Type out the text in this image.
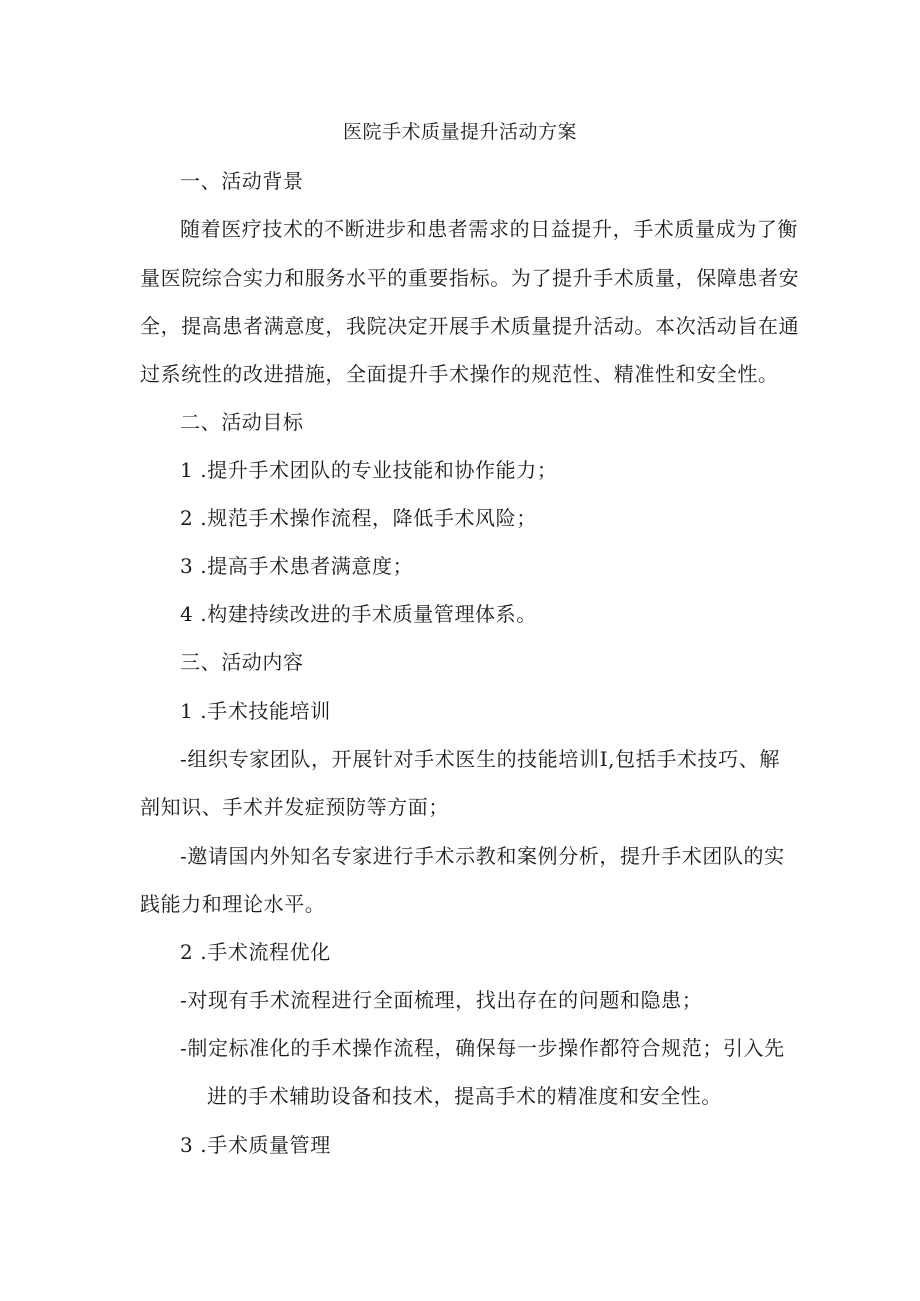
医院手术质量提升活动方案
一、活动背景
随着医疗技术的不断进步和患者需求的日益提升，手术质量成为了衡
量医院综合实力和服务水平的重要指标。为了提升手术质量，保障患者安
全，提高患者满意度，我院决定开展手术质量提升活动。本次活动旨在通
过系统性的改进措施，全面提升手术操作的规范性、精准性和安全性。
二、活动目标
1 .提升手术团队的专业技能和协作能力；
2 .规范手术操作流程，降低手术风险；
3 .提高手术患者满意度；
4 .构建持续改进的手术质量管理体系。
三、活动内容
1 .手术技能培训
-组织专家团队，开展针对手术医生的技能培训I,包括手术技巧、解
剖知识、手术并发症预防等方面；
-邀请国内外知名专家进行手术示教和案例分析，提升手术团队的实
践能力和理论水平。
2 .手术流程优化
-对现有手术流程进行全面梳理，找出存在的问题和隐患；
-制定标准化的手术操作流程，确保每一步操作都符合规范；引入先
进的手术辅助设备和技术，提高手术的精准度和安全性。
3 .手术质量管理
